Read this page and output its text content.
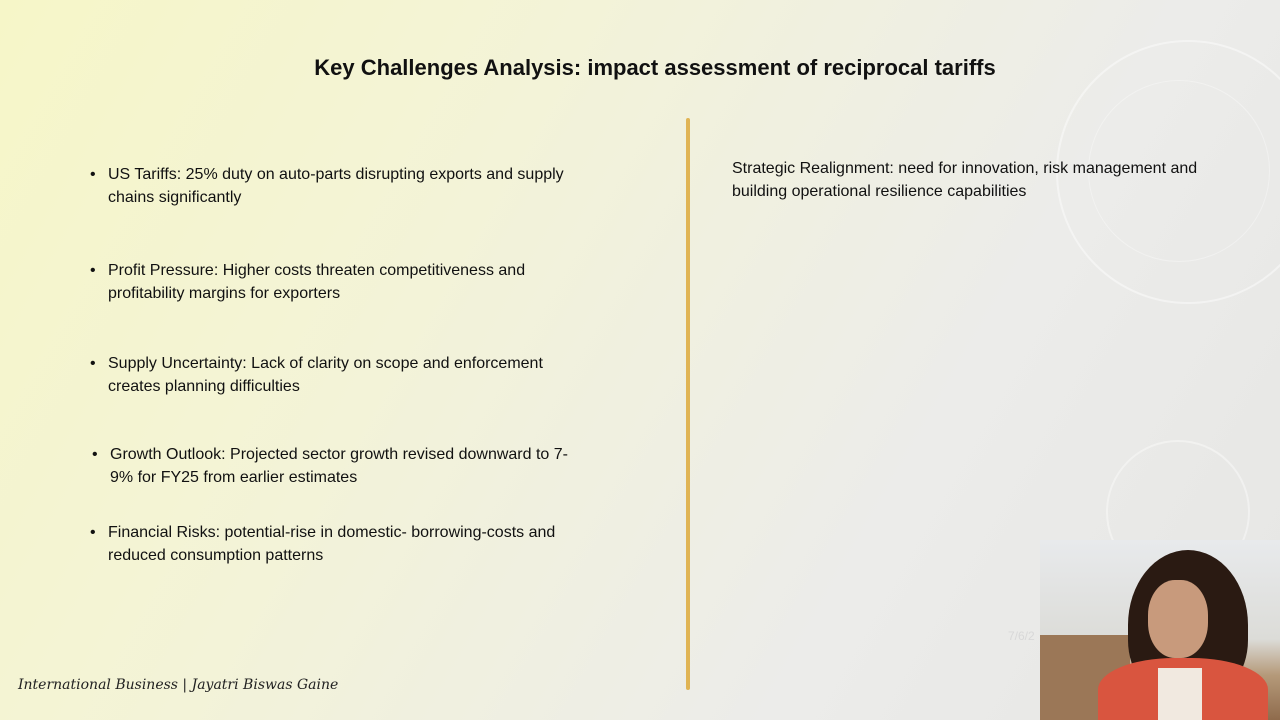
Key Challenges Analysis: impact assessment of reciprocal tariffs
• US Tariffs: 25% duty on auto-parts disrupting exports and supply chains significantly
• Profit Pressure: Higher costs threaten competitiveness and profitability margins for exporters
• Supply Uncertainty: Lack of clarity on scope and enforcement creates planning difficulties
• Growth Outlook: Projected sector growth revised downward to 7-9% for FY25 from earlier estimates
• Financial Risks: potential-rise in domestic- borrowing-costs and reduced consumption patterns
Strategic Realignment: need for innovation, risk management and building operational resilience capabilities
International Business | Jayatri Biswas Gaine
7/6/2
